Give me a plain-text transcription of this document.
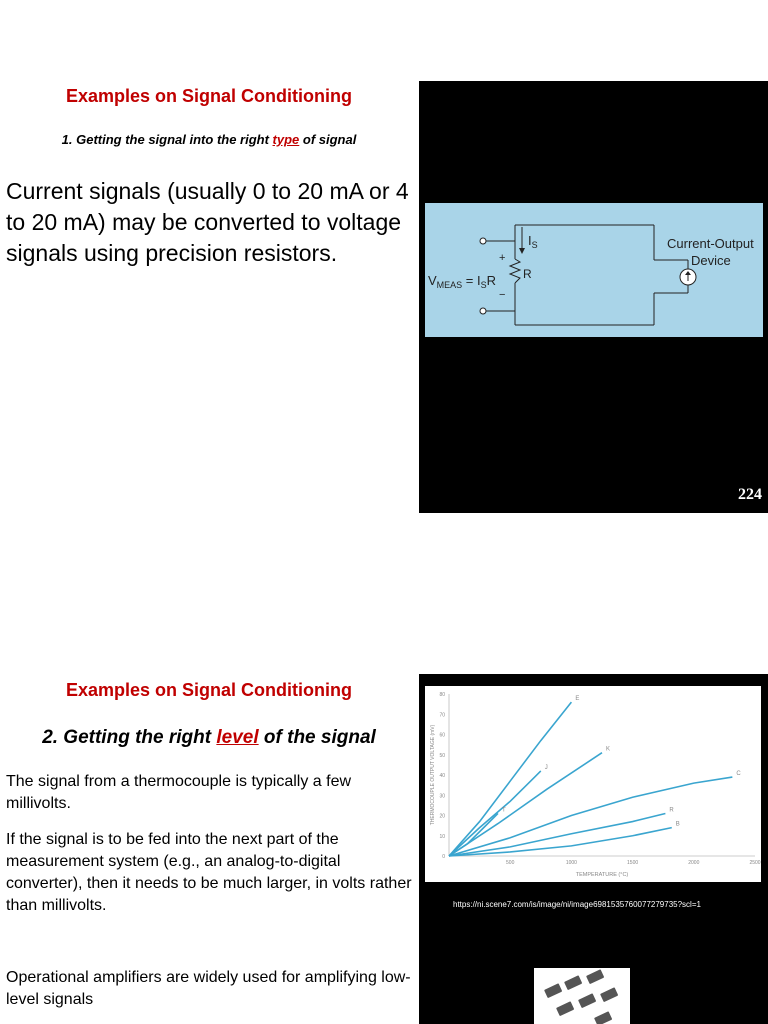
Examples on Signal Conditioning
1. Getting the signal into the right type of signal
Current signals (usually 0 to 20 mA or 4 to 20 mA) may be converted to voltage signals using precision resistors.	$I_S$
+
−
R
$V_{MEAS} = I_SR$
Current-Output
Device
224
Examples on Signal Conditioning
2. Getting the right level of the signal
The signal from a thermocouple is typically a few millivolts.
If the signal is to be fed into the next part of the measurement system (e.g., an analog-to-digital converter), then it needs to be much larger, in volts rather than millivolts.
Operational amplifiers are widely used for amplifying low-level signals
0
10
20
30
40
50
60
70
80
500	1000	1500	2000	2500
TEMPERATURE (°C)
THERMOCOUPLE OUTPUT VOLTAGE (mV)
E
J
K
T
C
R
B
https://ni.scene7.com/is/image/ni/image6981535760077279735?scl=1
